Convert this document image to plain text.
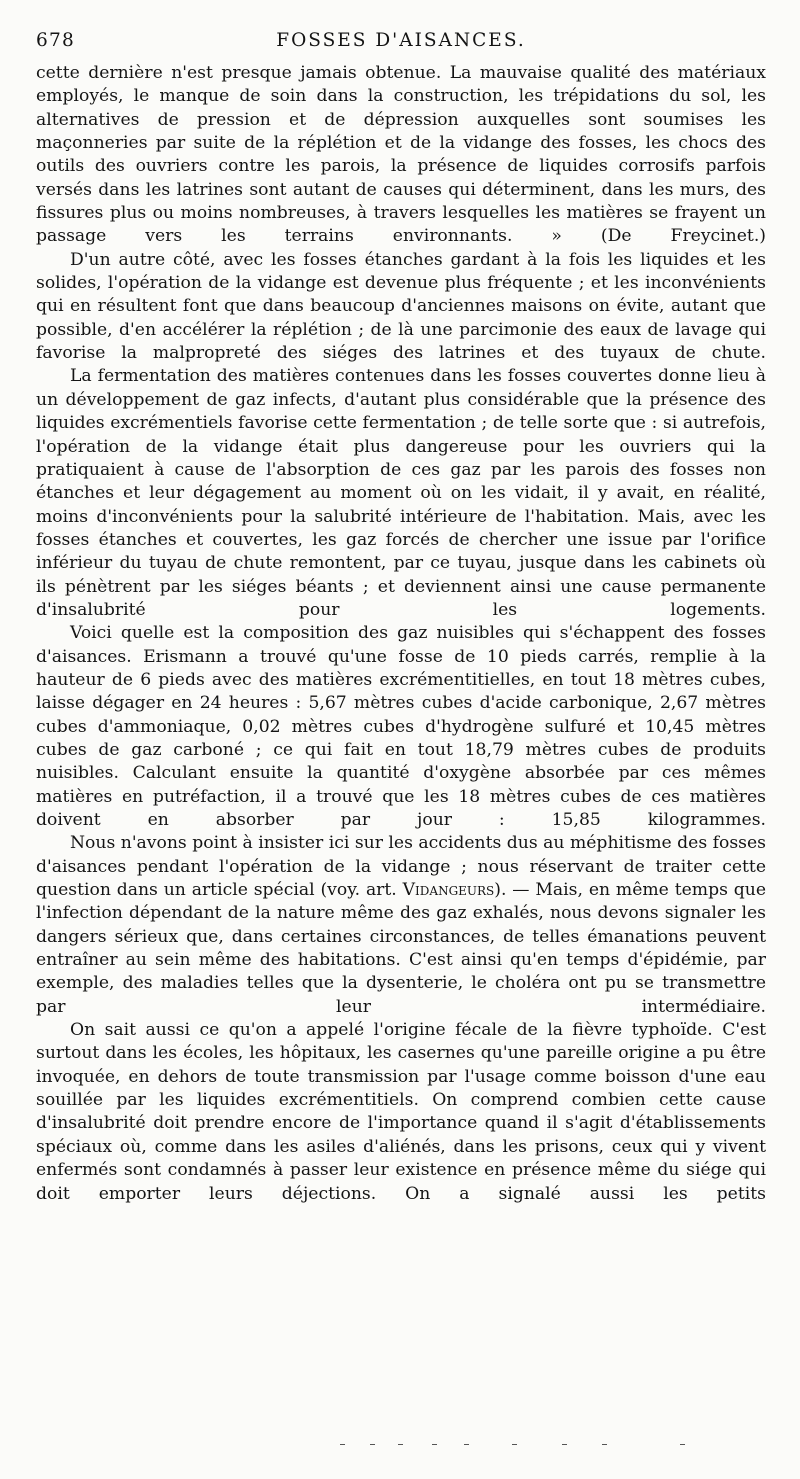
678	FOSSES D'AISANCES.

cette dernière n'est presque jamais obtenue. La mauvaise qualité des matériaux employés, le manque de soin dans la construction, les trépidations du sol, les alternatives de pression et de dépression auxquelles sont soumises les maçonneries par suite de la réplétion et de la vidange des fosses, les chocs des outils des ouvriers contre les parois, la présence de liquides corrosifs parfois versés dans les latrines sont autant de causes qui déterminent, dans les murs, des fissures plus ou moins nombreuses, à travers lesquelles les matières se frayent un passage vers les terrains environnants. » (De Freycinet.)

D'un autre côté, avec les fosses étanches gardant à la fois les liquides et les solides, l'opération de la vidange est devenue plus fréquente ; et les inconvénients qui en résultent font que dans beaucoup d'anciennes maisons on évite, autant que possible, d'en accélérer la réplétion ; de là une parcimonie des eaux de lavage qui favorise la malpropreté des siéges des latrines et des tuyaux de chute.

La fermentation des matières contenues dans les fosses couvertes donne lieu à un développement de gaz infects, d'autant plus considérable que la présence des liquides excrémentiels favorise cette fermentation ; de telle sorte que : si autrefois, l'opération de la vidange était plus dangereuse pour les ouvriers qui la pratiquaient à cause de l'absorption de ces gaz par les parois des fosses non étanches et leur dégagement au moment où on les vidait, il y avait, en réalité, moins d'inconvénients pour la salubrité intérieure de l'habitation. Mais, avec les fosses étanches et couvertes, les gaz forcés de chercher une issue par l'orifice inférieur du tuyau de chute remontent, par ce tuyau, jusque dans les cabinets où ils pénètrent par les siéges béants ; et deviennent ainsi une cause permanente d'insalubrité pour les logements.

Voici quelle est la composition des gaz nuisibles qui s'échappent des fosses d'aisances. Erismann a trouvé qu'une fosse de 10 pieds carrés, remplie à la hauteur de 6 pieds avec des matières excrémentitielles, en tout 18 mètres cubes, laisse dégager en 24 heures : 5,67 mètres cubes d'acide carbonique, 2,67 mètres cubes d'ammoniaque, 0,02 mètres cubes d'hydrogène sulfuré et 10,45 mètres cubes de gaz carboné ; ce qui fait en tout 18,79 mètres cubes de produits nuisibles. Calculant ensuite la quantité d'oxygène absorbée par ces mêmes matières en putréfaction, il a trouvé que les 18 mètres cubes de ces matières doivent en absorber par jour : 15,85 kilogrammes.

Nous n'avons point à insister ici sur les accidents dus au méphitisme des fosses d'aisances pendant l'opération de la vidange ; nous réservant de traiter cette question dans un article spécial (voy. art. Vidangeurs). — Mais, en même temps que l'infection dépendant de la nature même des gaz exhalés, nous devons signaler les dangers sérieux que, dans certaines circonstances, de telles émanations peuvent entraîner au sein même des habitations. C'est ainsi qu'en temps d'épidémie, par exemple, des maladies telles que la dysenterie, le choléra ont pu se transmettre par leur intermédiaire.

On sait aussi ce qu'on a appelé l'origine fécale de la fièvre typhoïde. C'est surtout dans les écoles, les hôpitaux, les casernes qu'une pareille origine a pu être invoquée, en dehors de toute transmission par l'usage comme boisson d'une eau souillée par les liquides excrémentitiels. On comprend combien cette cause d'insalubrité doit prendre encore de l'importance quand il s'agit d'établissements spéciaux où, comme dans les asiles d'aliénés, dans les prisons, ceux qui y vivent enfermés sont condamnés à passer leur existence en présence même du siége qui doit emporter leurs déjections. On a signalé aussi les petits
